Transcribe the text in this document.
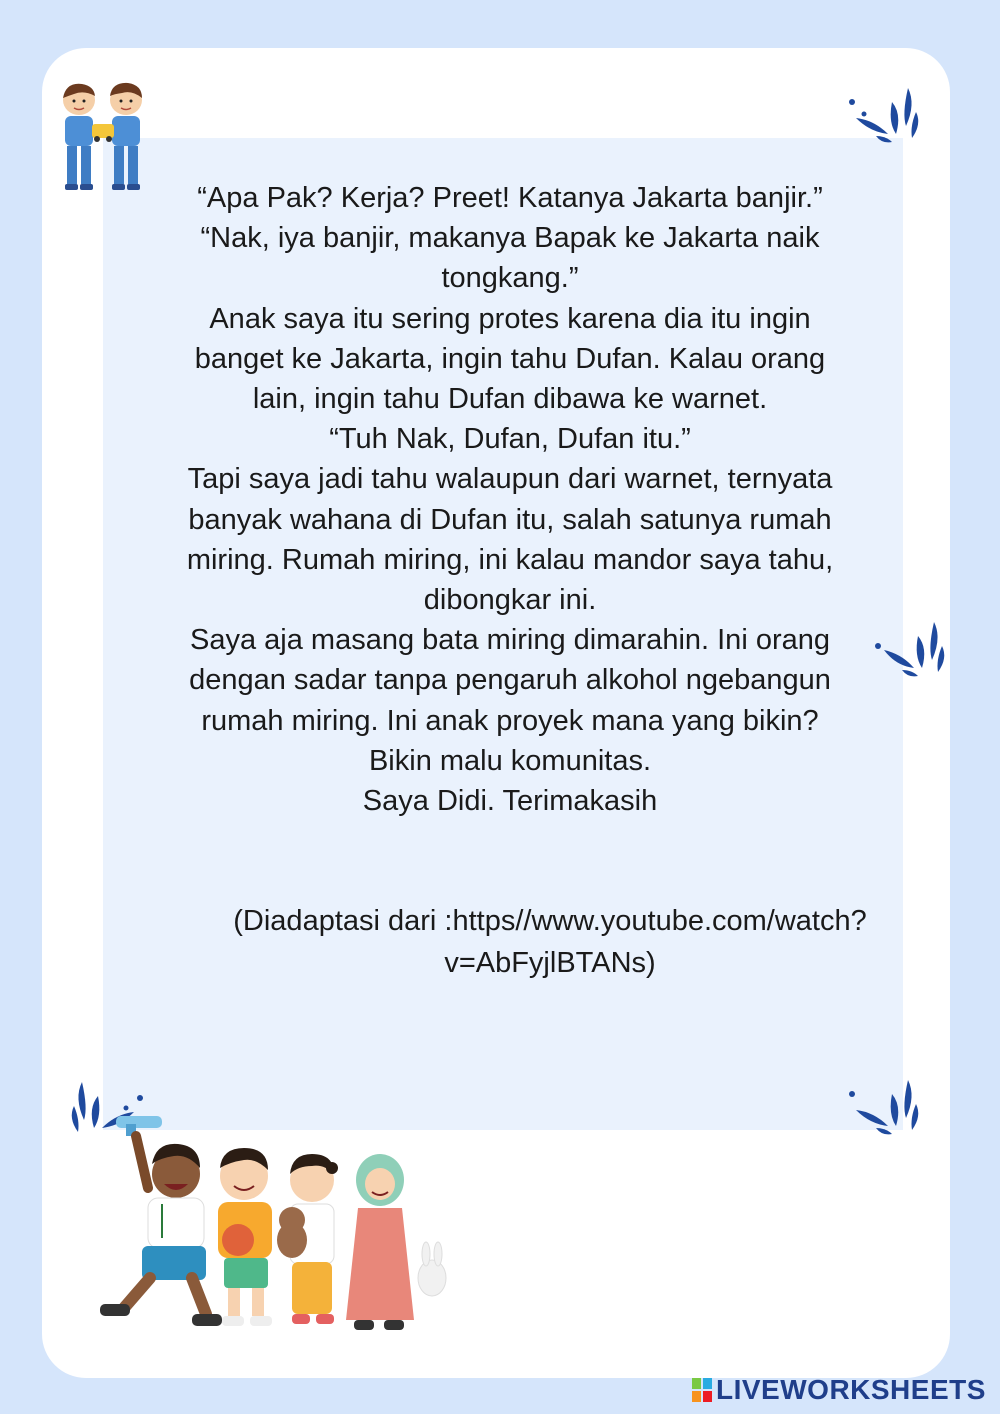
“Apa Pak? Kerja? Preet! Katanya Jakarta banjir.”

“Nak, iya banjir, makanya Bapak ke Jakarta naik

tongkang.”

Anak saya itu sering protes karena dia itu ingin

banget ke Jakarta, ingin tahu Dufan. Kalau orang

lain, ingin tahu Dufan dibawa ke warnet.

“Tuh Nak, Dufan, Dufan itu.”

Tapi saya jadi tahu walaupun dari warnet, ternyata

banyak wahana di Dufan itu, salah satunya rumah

miring. Rumah miring, ini kalau mandor saya tahu,

dibongkar ini.

Saya aja masang bata miring dimarahin. Ini orang

dengan sadar tanpa pengaruh alkohol ngebangun

rumah miring. Ini anak proyek mana yang bikin?

Bikin malu komunitas.

Saya Didi. Terimakasih

(Diadaptasi dari :https//www.youtube.com/watch?
v=AbFyjlBTANs)
LIVEWORKSHEETS
